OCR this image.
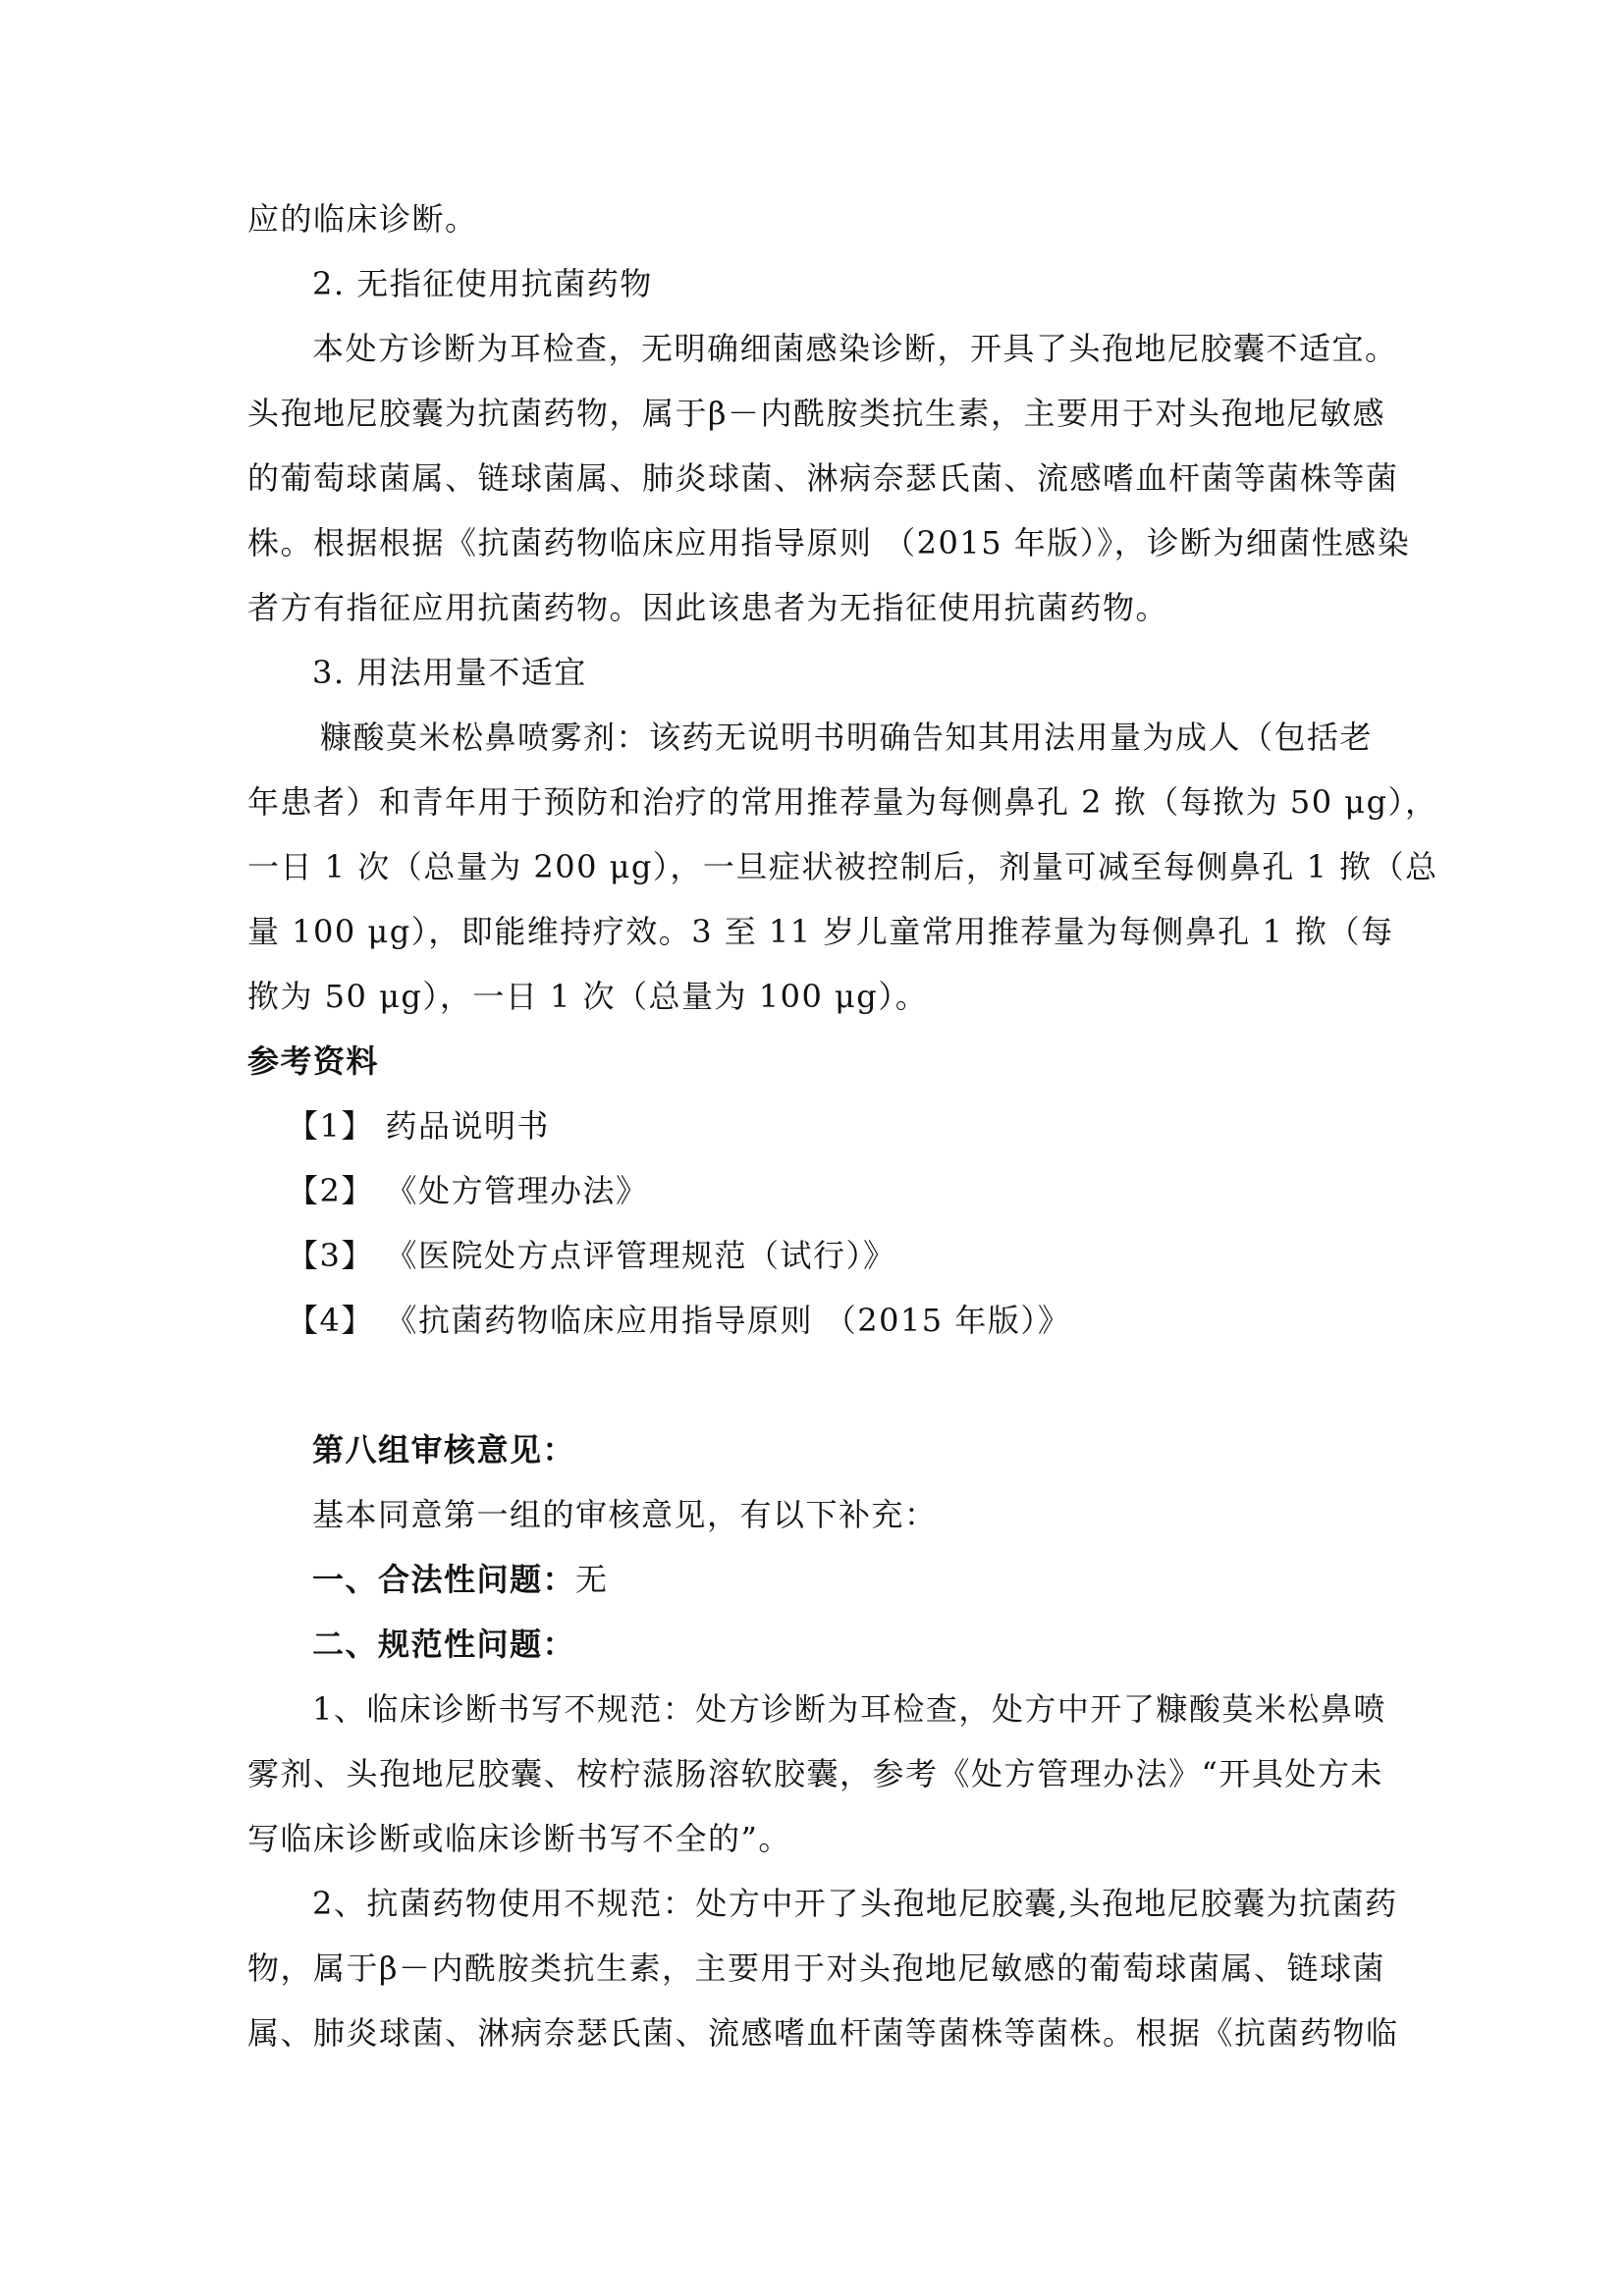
应的临床诊断。

2. 无指征使用抗菌药物

本处方诊断为耳检查，无明确细菌感染诊断，开具了头孢地尼胶囊不适宜。

头孢地尼胶囊为抗菌药物，属于β－内酰胺类抗生素，主要用于对头孢地尼敏感

的葡萄球菌属、链球菌属、肺炎球菌、淋病奈瑟氏菌、流感嗜血杆菌等菌株等菌

株。根据根据《抗菌药物临床应用指导原则 （2015 年版）》，诊断为细菌性感染

者方有指征应用抗菌药物。因此该患者为无指征使用抗菌药物。

3. 用法用量不适宜

糠酸莫米松鼻喷雾剂：该药无说明书明确告知其用法用量为成人（包括老

年患者）和青年用于预防和治疗的常用推荐量为每侧鼻孔 2 揿（每揿为 50 μg），

一日 1 次（总量为 200 μg），一旦症状被控制后，剂量可减至每侧鼻孔 1 揿（总

量 100 μg），即能维持疗效。3 至 11 岁儿童常用推荐量为每侧鼻孔 1 揿（每

揿为 50 μg），一日 1 次（总量为 100 μg）。

参考资料

【1】 药品说明书

【2】 《处方管理办法》

【3】 《医院处方点评管理规范（试行）》

【4】 《抗菌药物临床应用指导原则 （2015 年版）》

第八组审核意见：

基本同意第一组的审核意见，有以下补充：

一、合法性问题：无

二、规范性问题：

1、临床诊断书写不规范：处方诊断为耳检查，处方中开了糠酸莫米松鼻喷

雾剂、头孢地尼胶囊、桉柠蒎肠溶软胶囊，参考《处方管理办法》“开具处方未

写临床诊断或临床诊断书写不全的”。

2、抗菌药物使用不规范：处方中开了头孢地尼胶囊,头孢地尼胶囊为抗菌药

物，属于β－内酰胺类抗生素，主要用于对头孢地尼敏感的葡萄球菌属、链球菌

属、肺炎球菌、淋病奈瑟氏菌、流感嗜血杆菌等菌株等菌株。根据《抗菌药物临
